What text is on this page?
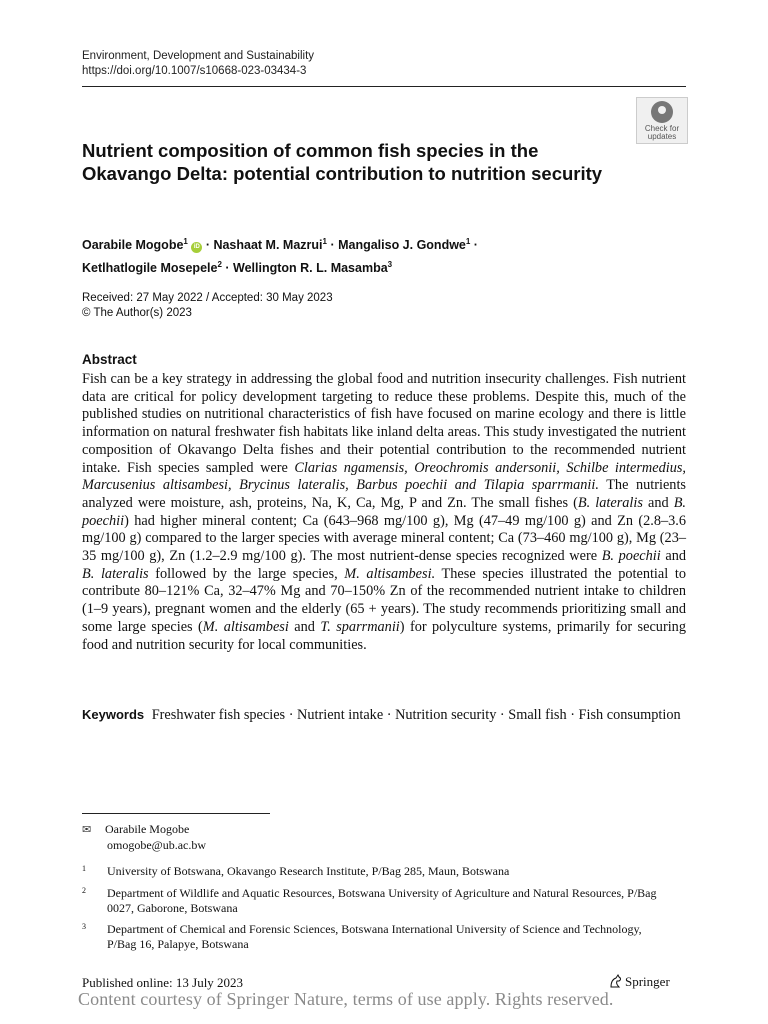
Environment, Development and Sustainability
https://doi.org/10.1007/s10668-023-03434-3
Check for
updates
Nutrient composition of common fish species in the Okavango Delta: potential contribution to nutrition security
Oarabile Mogobe$^1$ iD · Nashaat M. Mazrui$^1$ · Mangaliso J. Gondwe$^1$ ·
Ketlhatlogile Mosepele$^2$ · Wellington R. L. Masamba$^3$
Received: 27 May 2022 / Accepted: 30 May 2023
© The Author(s) 2023
Abstract
Fish can be a key strategy in addressing the global food and nutrition insecurity challenges. Fish nutrient data are critical for policy development targeting to reduce these problems. Despite this, much of the published studies on nutritional characteristics of fish have focused on marine ecology and there is little information on natural freshwater fish habitats like inland delta areas. This study investigated the nutrient composition of Okavango Delta fishes and their potential contribution to the recommended nutrient intake. Fish species sampled were Clarias ngamensis, Oreochromis andersonii, Schilbe intermedius, Marcusenius altisambesi, Brycinus lateralis, Barbus poechii and Tilapia sparrmanii. The nutrients analyzed were moisture, ash, proteins, Na, K, Ca, Mg, P and Zn. The small fishes (B. lateralis and B. poechii) had higher mineral content; Ca (643–968 mg/100 g), Mg (47–49 mg/100 g) and Zn (2.8–3.6 mg/100 g) compared to the larger species with average mineral content; Ca (73–460 mg/100 g), Mg (23–35 mg/100 g), Zn (1.2–2.9 mg/100 g). The most nutrient-dense species recognized were B. poechii and B. lateralis followed by the large species, M. altisambesi. These species illustrated the potential to contribute 80–121% Ca, 32–47% Mg and 70–150% Zn of the recommended nutrient intake to children (1–9 years), pregnant women and the elderly (65 + years). The study recommends prioritizing small and some large species (M. altisambesi and T. sparrmanii) for polyculture systems, primarily for securing food and nutrition security for local communities.
Keywords Freshwater fish species · Nutrient intake · Nutrition security · Small fish · Fish consumption
✉ Oarabile Mogobe
omogobe@ub.ac.bw
1 University of Botswana, Okavango Research Institute, P/Bag 285, Maun, Botswana
2 Department of Wildlife and Aquatic Resources, Botswana University of Agriculture and Natural Resources, P/Bag 0027, Gaborone, Botswana
3 Department of Chemical and Forensic Sciences, Botswana International University of Science and Technology, P/Bag 16, Palapye, Botswana
Published online: 13 July 2023	Springer
Content courtesy of Springer Nature, terms of use apply. Rights reserved.
